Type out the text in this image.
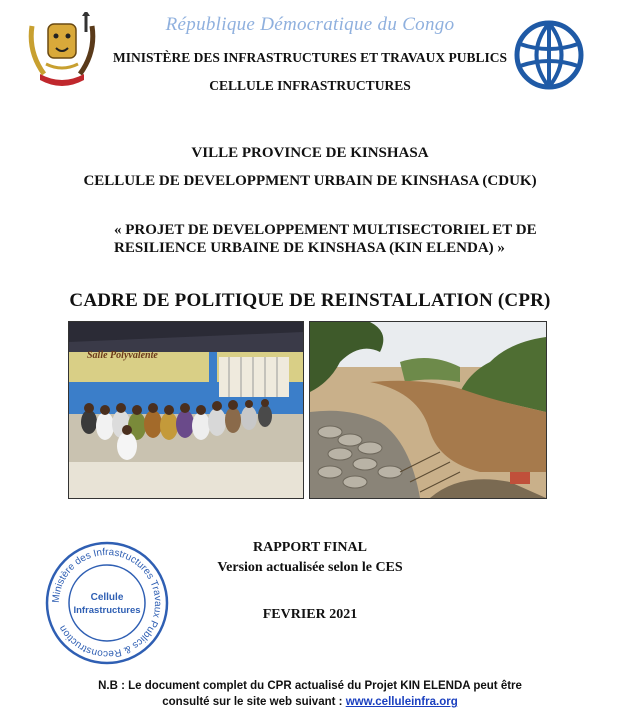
République Démocratique du Congo
MINISTÈRE DES INFRASTRUCTURES ET TRAVAUX PUBLICS
CELLULE INFRASTRUCTURES
VILLE PROVINCE DE KINSHASA
CELLULE DE DEVELOPPMENT URBAIN DE KINSHASA (CDUK)
« PROJET DE DEVELOPPEMENT MULTISECTORIEL ET DE
RESILIENCE URBAINE DE KINSHASA (KIN ELENDA) »
CADRE DE POLITIQUE DE REINSTALLATION (CPR)
Salle Polyvalente
RAPPORT FINAL
Version actualisée selon le CES
FEVRIER 2021
Ministère des Infrastructures Travaux Publics & Reconstruction
Cellule
Infrastructures
N.B : Le document complet du CPR actualisé du Projet KIN ELENDA peut être
consulté sur le site web suivant : www.celluleinfra.org
